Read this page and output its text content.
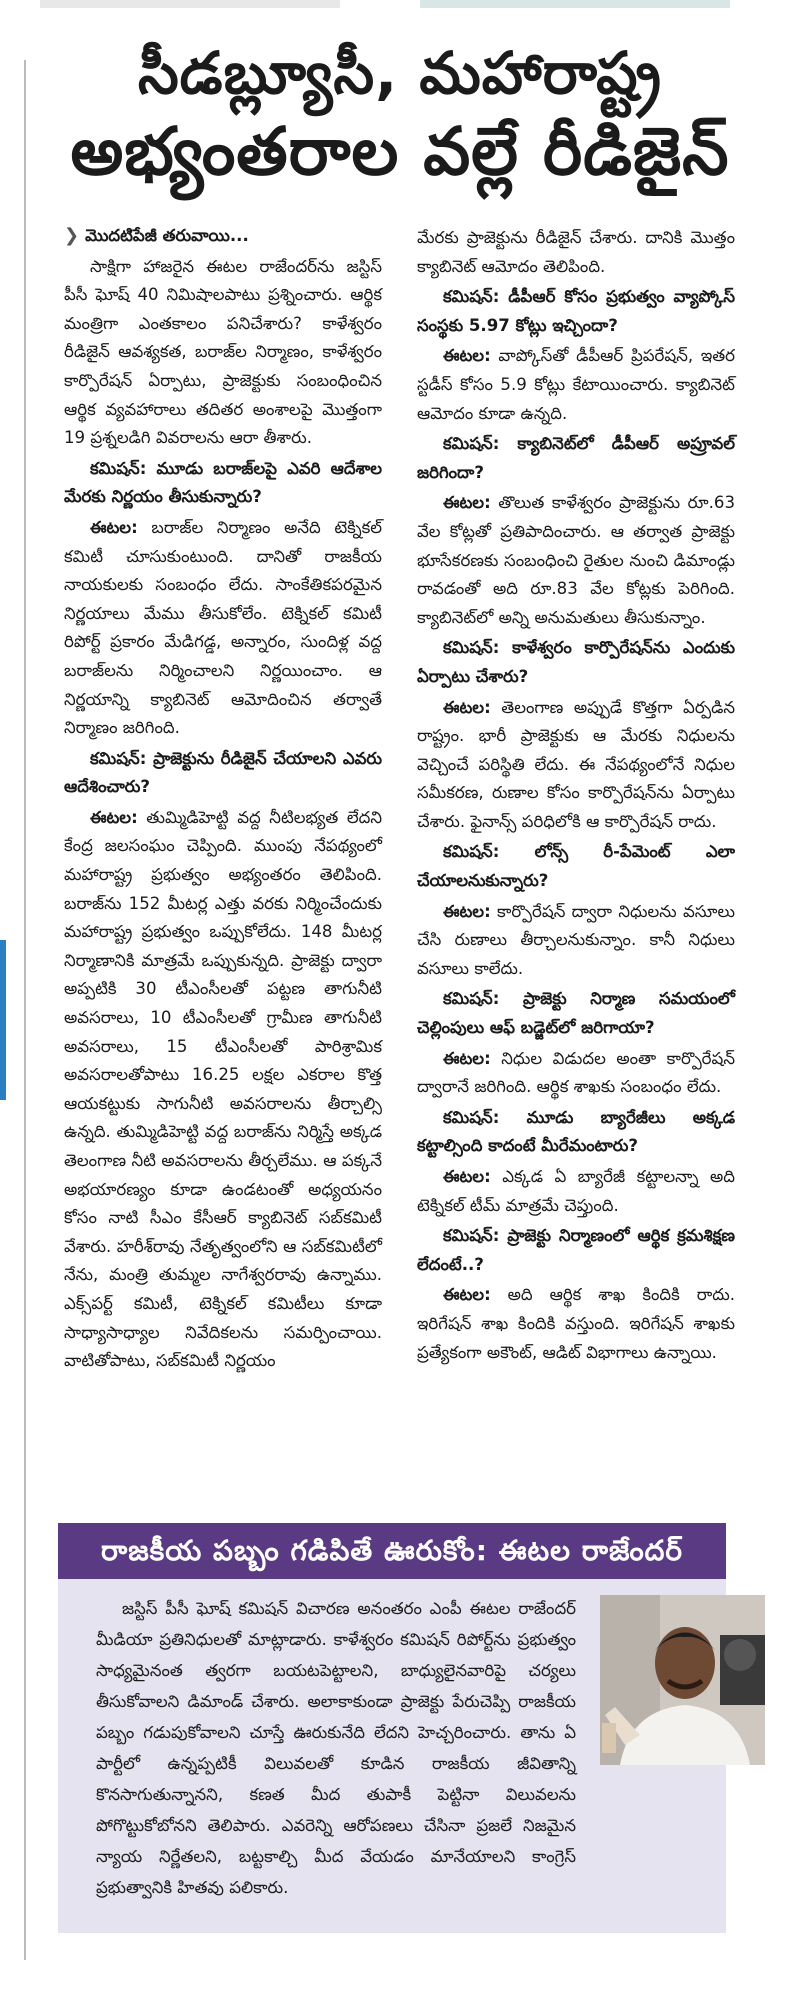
సీడబ్ల్యూసీ, మహారాష్ట్ర
అభ్యంతరాల వల్లే రీడిజైన్

❯ మొదటిపేజీ తరువాయి...

సాక్షిగా హాజరైన ఈటల రాజేందర్‌ను జస్టిస్ పీసీ ఘోష్ 40 నిమిషాలపాటు ప్రశ్నించారు. ఆర్థిక మంత్రిగా ఎంతకాలం పనిచేశారు? కాళేశ్వరం రీడిజైన్ ఆవశ్యకత, బరాజ్‌ల నిర్మాణం, కాళేశ్వరం కార్పొరేషన్ ఏర్పాటు, ప్రాజెక్టుకు సంబంధించిన ఆర్థిక వ్యవహారాలు తదితర అంశాలపై మొత్తంగా 19 ప్రశ్నలడిగి వివరాలను ఆరా తీశారు.

కమిషన్: మూడు బరాజ్‌లపై ఎవరి ఆదేశాల మేరకు నిర్ణయం తీసుకున్నారు?

ఈటల: బరాజ్‌ల నిర్మాణం అనేది టెక్నికల్ కమిటీ చూసుకుంటుంది. దానితో రాజకీయ నాయకులకు సంబంధం లేదు. సాంకేతికపరమైన నిర్ణయాలు మేము తీసుకోలేం. టెక్నికల్ కమిటీ రిపోర్ట్ ప్రకారం మేడిగడ్డ, అన్నారం, సుందిళ్ల వద్ద బరాజ్‌లను నిర్మించాలని నిర్ణయించాం. ఆ నిర్ణయాన్ని క్యాబినెట్ ఆమోదించిన తర్వాతే నిర్మాణం జరిగింది.

కమిషన్: ప్రాజెక్టును రీడిజైన్ చేయాలని ఎవరు ఆదేశించారు?

ఈటల: తుమ్మిడిహెట్టి వద్ద నీటిలభ్యత లేదని కేంద్ర జలసంఘం చెప్పింది. ముంపు నేపథ్యంలో మహారాష్ట్ర ప్రభుత్వం అభ్యంతరం తెలిపింది. బరాజ్‌ను 152 మీటర్ల ఎత్తు వరకు నిర్మించేందుకు మహారాష్ట్ర ప్రభుత్వం ఒప్పుకోలేదు. 148 మీటర్ల నిర్మాణానికి మాత్రమే ఒప్పుకున్నది. ప్రాజెక్టు ద్వారా అప్పటికి 30 టీఎంసీలతో పట్టణ తాగునీటి అవసరాలు, 10 టీఎంసీలతో గ్రామీణ తాగునీటి అవసరాలు, 15 టీఎంసీలతో పారిశ్రామిక అవసరాలతోపాటు 16.25 లక్షల ఎకరాల కొత్త ఆయకట్టుకు సాగునీటి అవసరాలను తీర్చాల్సి ఉన్నది. తుమ్మిడిహెట్టి వద్ద బరాజ్‌ను నిర్మిస్తే అక్కడ తెలంగాణ నీటి అవసరాలను తీర్చలేము. ఆ పక్కనే అభయారణ్యం కూడా ఉండటంతో అధ్యయనం కోసం నాటి సీఎం కేసీఆర్ క్యాబినెట్ సబ్‌కమిటీ వేశారు. హరీశ్‌రావు నేతృత్వంలోని ఆ సబ్‌కమిటీలో నేను, మంత్రి తుమ్మల నాగేశ్వరరావు ఉన్నాము. ఎక్స్‌పర్ట్ కమిటీ, టెక్నికల్ కమిటీలు కూడా సాధ్యాసాధ్యాల నివేదికలను సమర్పించాయి. వాటితోపాటు, సబ్‌కమిటీ నిర్ణయం

మేరకు ప్రాజెక్టును రీడిజైన్ చేశారు. దానికి మొత్తం క్యాబినెట్ ఆమోదం తెలిపింది.

కమిషన్: డీపీఆర్ కోసం ప్రభుత్వం వ్యాప్కోస్ సంస్థకు 5.97 కోట్లు ఇచ్చిందా?

ఈటల: వాప్కోస్‌తో డీపీఆర్ ప్రిపరేషన్, ఇతర స్టడీస్ కోసం 5.9 కోట్లు కేటాయించారు. క్యాబినెట్ ఆమోదం కూడా ఉన్నది.

కమిషన్: క్యాబినెట్‌లో డీపీఆర్ అప్రూవల్ జరిగిందా?

ఈటల: తొలుత కాళేశ్వరం ప్రాజెక్టును రూ.63 వేల కోట్లతో ప్రతిపాదించారు. ఆ తర్వాత ప్రాజెక్టు భూసేకరణకు సంబంధించి రైతుల నుంచి డిమాండ్లు రావడంతో అది రూ.83 వేల కోట్లకు పెరిగింది. క్యాబినెట్‌లో అన్ని అనుమతులు తీసుకున్నాం.

కమిషన్: కాళేశ్వరం కార్పొరేషన్‌ను ఎందుకు ఏర్పాటు చేశారు?

ఈటల: తెలంగాణ అప్పుడే కొత్తగా ఏర్పడిన రాష్ట్రం. భారీ ప్రాజెక్టుకు ఆ మేరకు నిధులను వెచ్చించే పరిస్థితి లేదు. ఈ నేపథ్యంలోనే నిధుల సమీకరణ, రుణాల కోసం కార్పొరేషన్‌ను ఏర్పాటు చేశారు. ఫైనాన్స్ పరిధిలోకి ఆ కార్పొరేషన్ రాదు.

కమిషన్: లోన్స్ రీ-పేమెంట్ ఎలా చేయాలనుకున్నారు?

ఈటల: కార్పొరేషన్ ద్వారా నిధులను వసూలు చేసి రుణాలు తీర్చాలనుకున్నాం. కానీ నిధులు వసూలు కాలేదు.

కమిషన్: ప్రాజెక్టు నిర్మాణ సమయంలో చెల్లింపులు ఆఫ్ బడ్జెట్‌లో జరిగాయా?

ఈటల: నిధుల విడుదల అంతా కార్పొరేషన్ ద్వారానే జరిగింది. ఆర్థిక శాఖకు సంబంధం లేదు.

కమిషన్: మూడు బ్యారేజీలు అక్కడ కట్టాల్సింది కాదంటే మీరేమంటారు?

ఈటల: ఎక్కడ ఏ బ్యారేజీ కట్టాలన్నా అది టెక్నికల్ టీమ్ మాత్రమే చెప్తుంది.

కమిషన్: ప్రాజెక్టు నిర్మాణంలో ఆర్థిక క్రమశిక్షణ లేదంటే..?

ఈటల: అది ఆర్థిక శాఖ కిందికి రాదు. ఇరిగేషన్ శాఖ కిందికి వస్తుంది. ఇరిగేషన్ శాఖకు ప్రత్యేకంగా అకౌంట్, ఆడిట్ విభాగాలు ఉన్నాయి.

రాజకీయ పబ్బం గడిపితే ఊరుకోం: ఈటల రాజేందర్
జస్టిస్ పీసీ ఘోష్ కమిషన్ విచారణ అనంతరం ఎంపీ ఈటల రాజేందర్ మీడియా ప్రతినిధులతో మాట్లాడారు. కాళేశ్వరం కమిషన్ రిపోర్ట్‌ను ప్రభుత్వం సాధ్యమైనంత త్వరగా బయటపెట్టాలని, బాధ్యులైనవారిపై చర్యలు తీసుకోవాలని డిమాండ్ చేశారు. అలాకాకుండా ప్రాజెక్టు పేరుచెప్పి రాజకీయ పబ్బం గడుపుకోవాలని చూస్తే ఊరుకునేది లేదని హెచ్చరించారు. తాను ఏ పార్టీలో ఉన్నప్పటికీ విలువలతో కూడిన రాజకీయ జీవితాన్ని కొనసాగుతున్నానని, కణత మీద తుపాకీ పెట్టినా విలువలను పోగొట్టుకోబోనని తెలిపారు. ఎవరెన్ని ఆరోపణలు చేసినా ప్రజలే నిజమైన న్యాయ నిర్ణేతలని, బట్టకాల్చి మీద వేయడం మానేయాలని కాంగ్రెస్ ప్రభుత్వానికి హితవు పలికారు.
